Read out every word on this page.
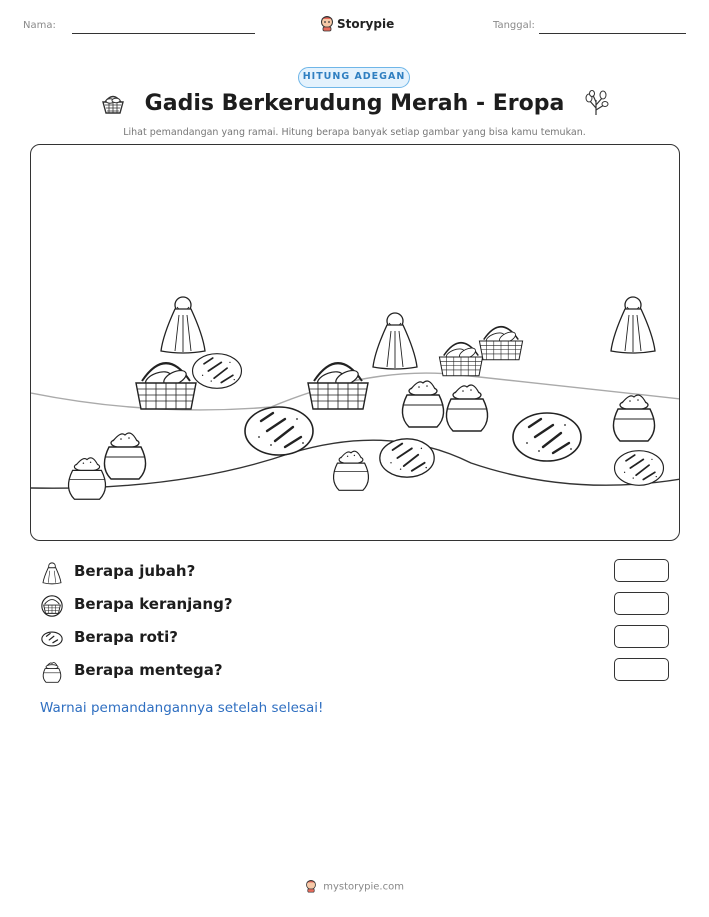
Nama:	Storypie	Tanggal:
HITUNG ADEGAN
Gadis Berkerudung Merah - Eropa
Lihat pemandangan yang ramai. Hitung berapa banyak setiap gambar yang bisa kamu temukan.
Berapa jubah?
Berapa keranjang?
Berapa roti?
Berapa mentega?
Warnai pemandangannya setelah selesai!
mystorypie.com
